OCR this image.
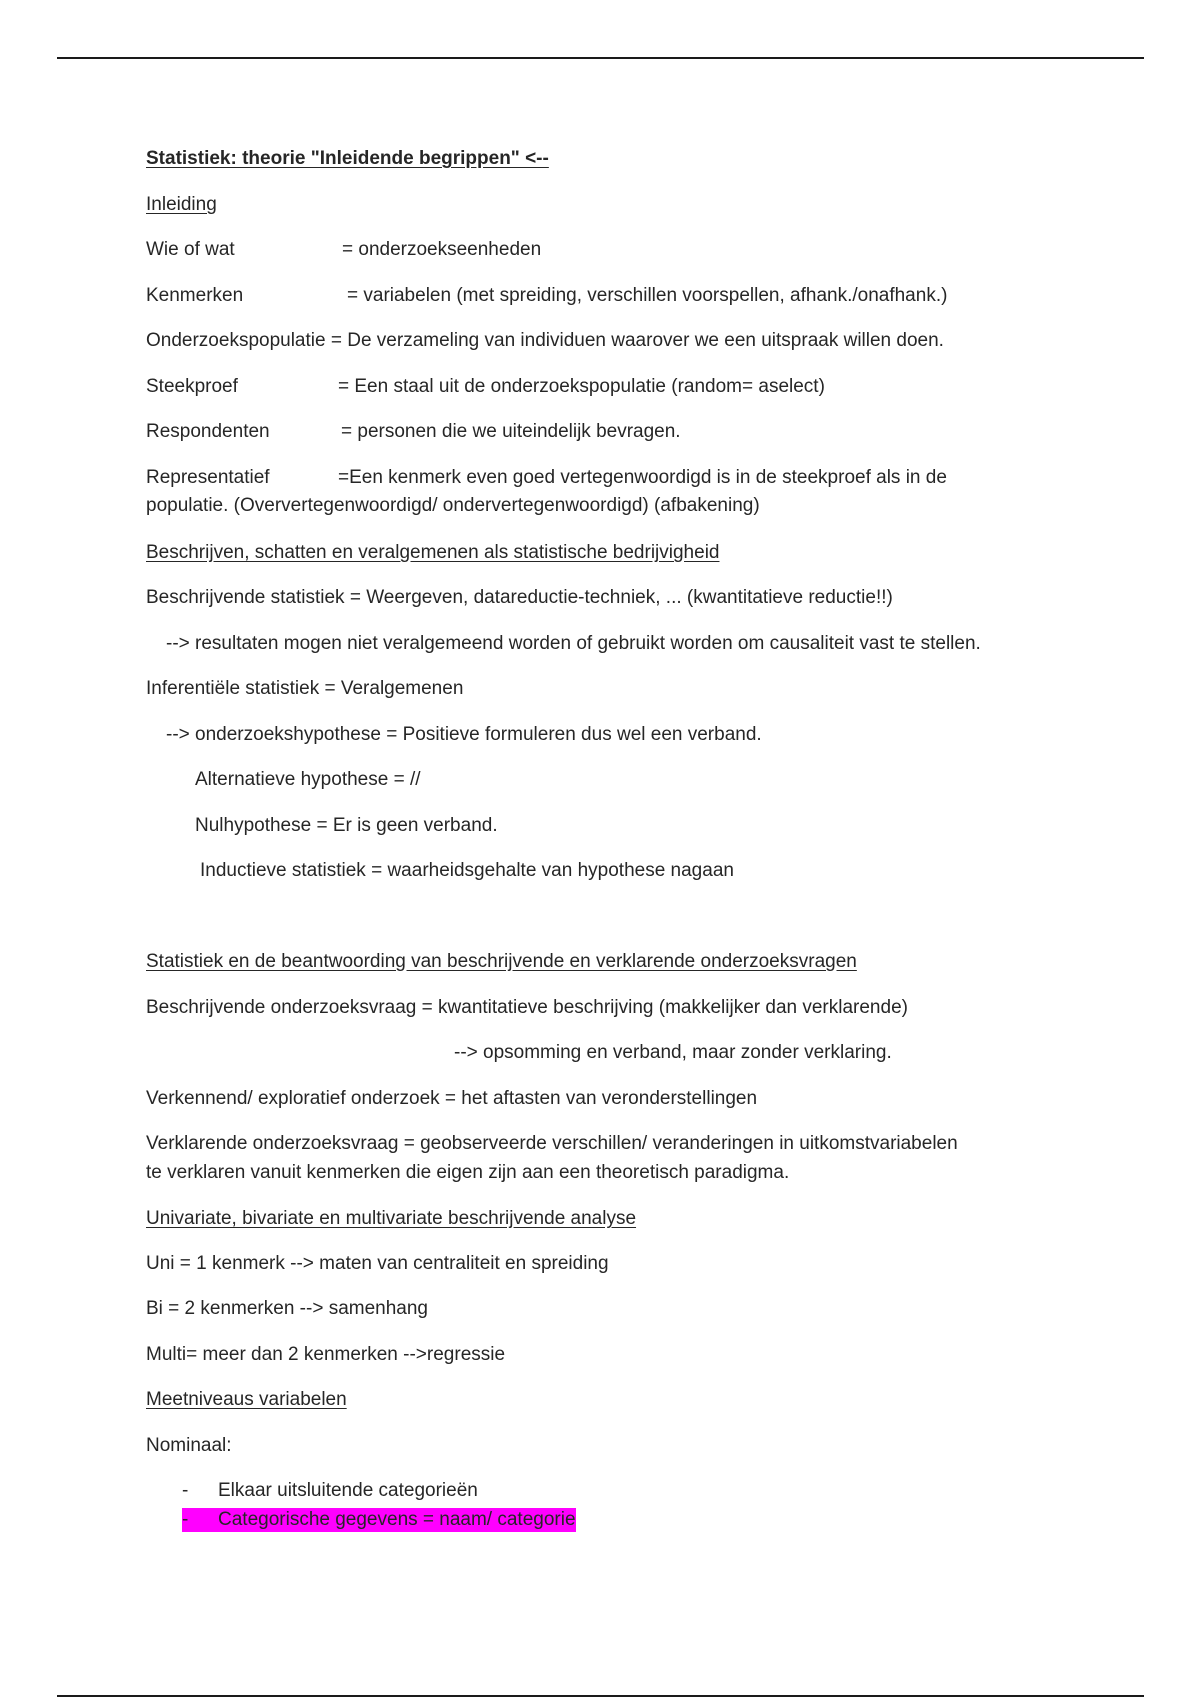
Statistiek: theorie "Inleidende begrippen" <--
Inleiding
Wie of wat	= onderzoekseenheden
Kenmerken	= variabelen (met spreiding, verschillen voorspellen, afhank./onafhank.)
Onderzoekspopulatie = De verzameling van individuen waarover we een uitspraak willen doen.
Steekproef	= Een staal uit de onderzoekspopulatie (random= aselect)
Respondenten	= personen die we uiteindelijk bevragen.
Representatief	=Een kenmerk even goed vertegenwoordigd is in de steekproef als in de
populatie. (Oververtegenwoordigd/ ondervertegenwoordigd) (afbakening)
Beschrijven, schatten en veralgemenen als statistische bedrijvigheid
Beschrijvende statistiek = Weergeven, datareductie-techniek, ... (kwantitatieve reductie!!)
--> resultaten mogen niet veralgemeend worden of gebruikt worden om causaliteit vast te stellen.
Inferentiële statistiek = Veralgemenen
--> onderzoekshypothese = Positieve formuleren dus wel een verband.
Alternatieve hypothese = //
Nulhypothese = Er is geen verband.
Inductieve statistiek = waarheidsgehalte van hypothese nagaan
Statistiek en de beantwoording van beschrijvende en verklarende onderzoeksvragen
Beschrijvende onderzoeksvraag = kwantitatieve beschrijving (makkelijker dan verklarende)
--> opsomming en verband, maar zonder verklaring.
Verkennend/ exploratief onderzoek = het aftasten van veronderstellingen
Verklarende onderzoeksvraag = geobserveerde verschillen/ veranderingen in uitkomstvariabelen
te verklaren vanuit kenmerken die eigen zijn aan een theoretisch paradigma.
Univariate, bivariate en multivariate beschrijvende analyse
Uni = 1 kenmerk --> maten van centraliteit en spreiding
Bi = 2 kenmerken --> samenhang
Multi= meer dan 2 kenmerken -->regressie
Meetniveaus variabelen
Nominaal:
- Elkaar uitsluitende categorieën
- Categorische gegevens = naam/ categorie
